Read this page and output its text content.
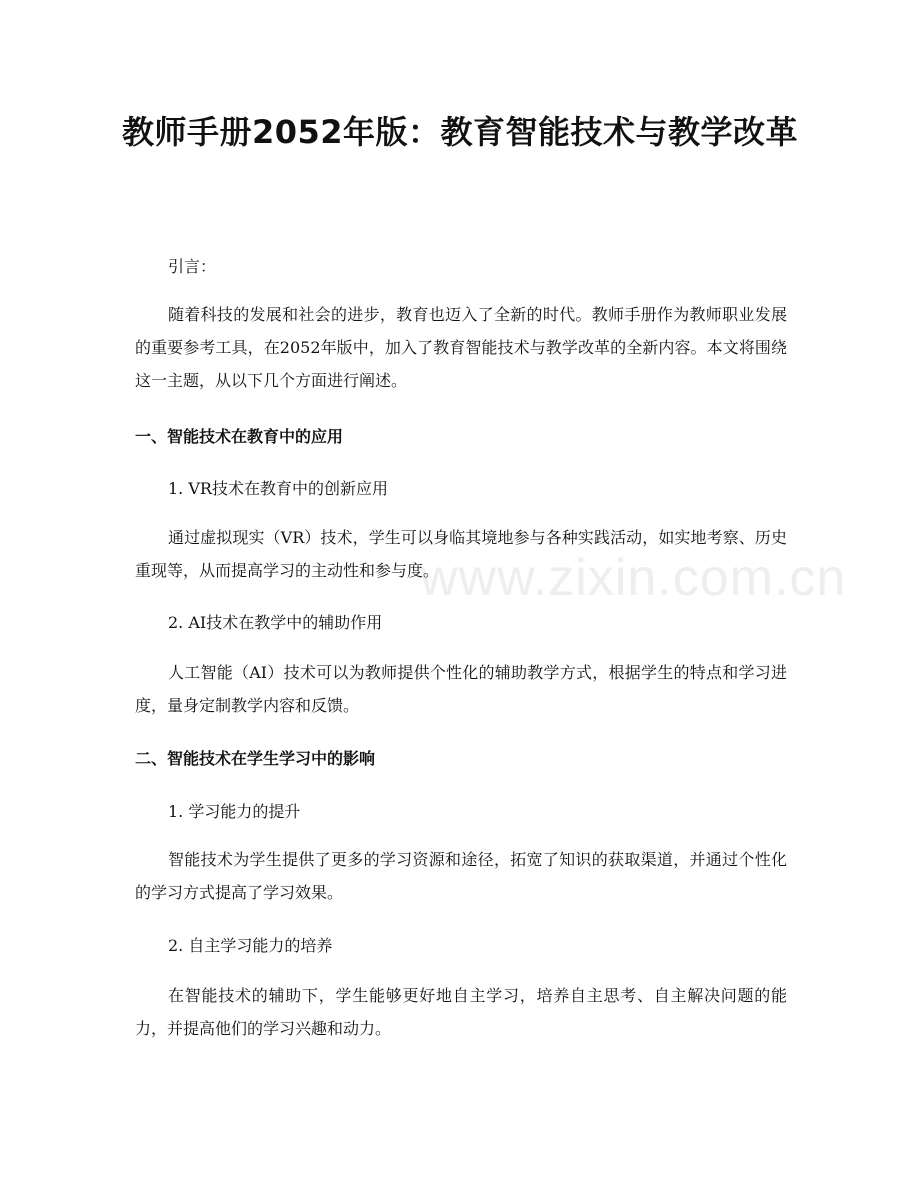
教师手册2052年版：教育智能技术与教学改革

引言：

随着科技的发展和社会的进步，教育也迈入了全新的时代。教师手册作为教师职业发展的重要参考工具，在2052年版中，加入了教育智能技术与教学改革的全新内容。本文将围绕这一主题，从以下几个方面进行阐述。

一、智能技术在教育中的应用

1. VR技术在教育中的创新应用

通过虚拟现实（VR）技术，学生可以身临其境地参与各种实践活动，如实地考察、历史重现等，从而提高学习的主动性和参与度。

2. AI技术在教学中的辅助作用

人工智能（AI）技术可以为教师提供个性化的辅助教学方式，根据学生的特点和学习进度，量身定制教学内容和反馈。

二、智能技术在学生学习中的影响

1. 学习能力的提升

智能技术为学生提供了更多的学习资源和途径，拓宽了知识的获取渠道，并通过个性化的学习方式提高了学习效果。

2. 自主学习能力的培养

在智能技术的辅助下，学生能够更好地自主学习，培养自主思考、自主解决问题的能力，并提高他们的学习兴趣和动力。

www.zixin.com.cn
